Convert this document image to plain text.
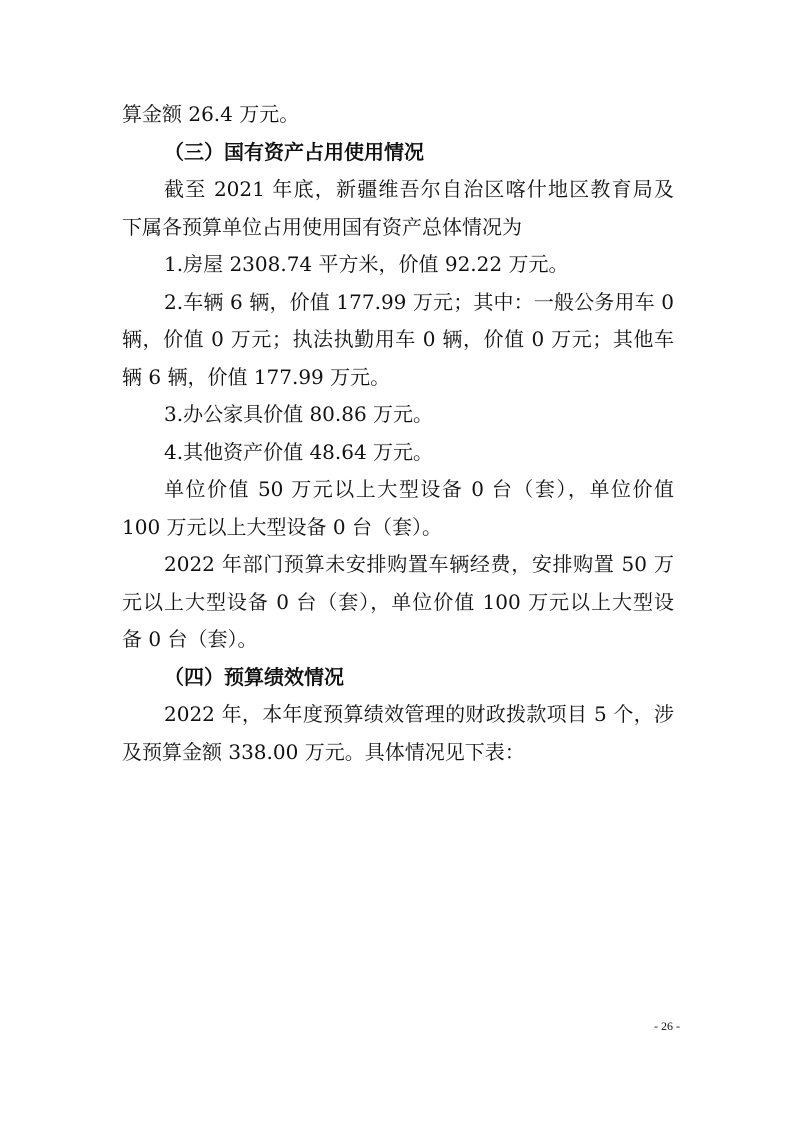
算金额 26.4 万元。
（三）国有资产占用使用情况
截至 2021 年底，新疆维吾尔自治区喀什地区教育局及
下属各预算单位占用使用国有资产总体情况为
1.房屋 2308.74 平方米，价值 92.22 万元。
2.车辆 6 辆，价值 177.99 万元；其中：一般公务用车 0
辆，价值 0 万元；执法执勤用车 0 辆，价值 0 万元；其他车
辆 6 辆，价值 177.99 万元。
3.办公家具价值 80.86 万元。
4.其他资产价值 48.64 万元。
单位价值 50 万元以上大型设备 0 台（套），单位价值
100 万元以上大型设备 0 台（套）。
2022 年部门预算未安排购置车辆经费，安排购置 50 万
元以上大型设备 0 台（套），单位价值 100 万元以上大型设
备 0 台（套）。
（四）预算绩效情况
2022 年，本年度预算绩效管理的财政拨款项目 5 个，涉
及预算金额 338.00 万元。具体情况见下表：
- 26 -
